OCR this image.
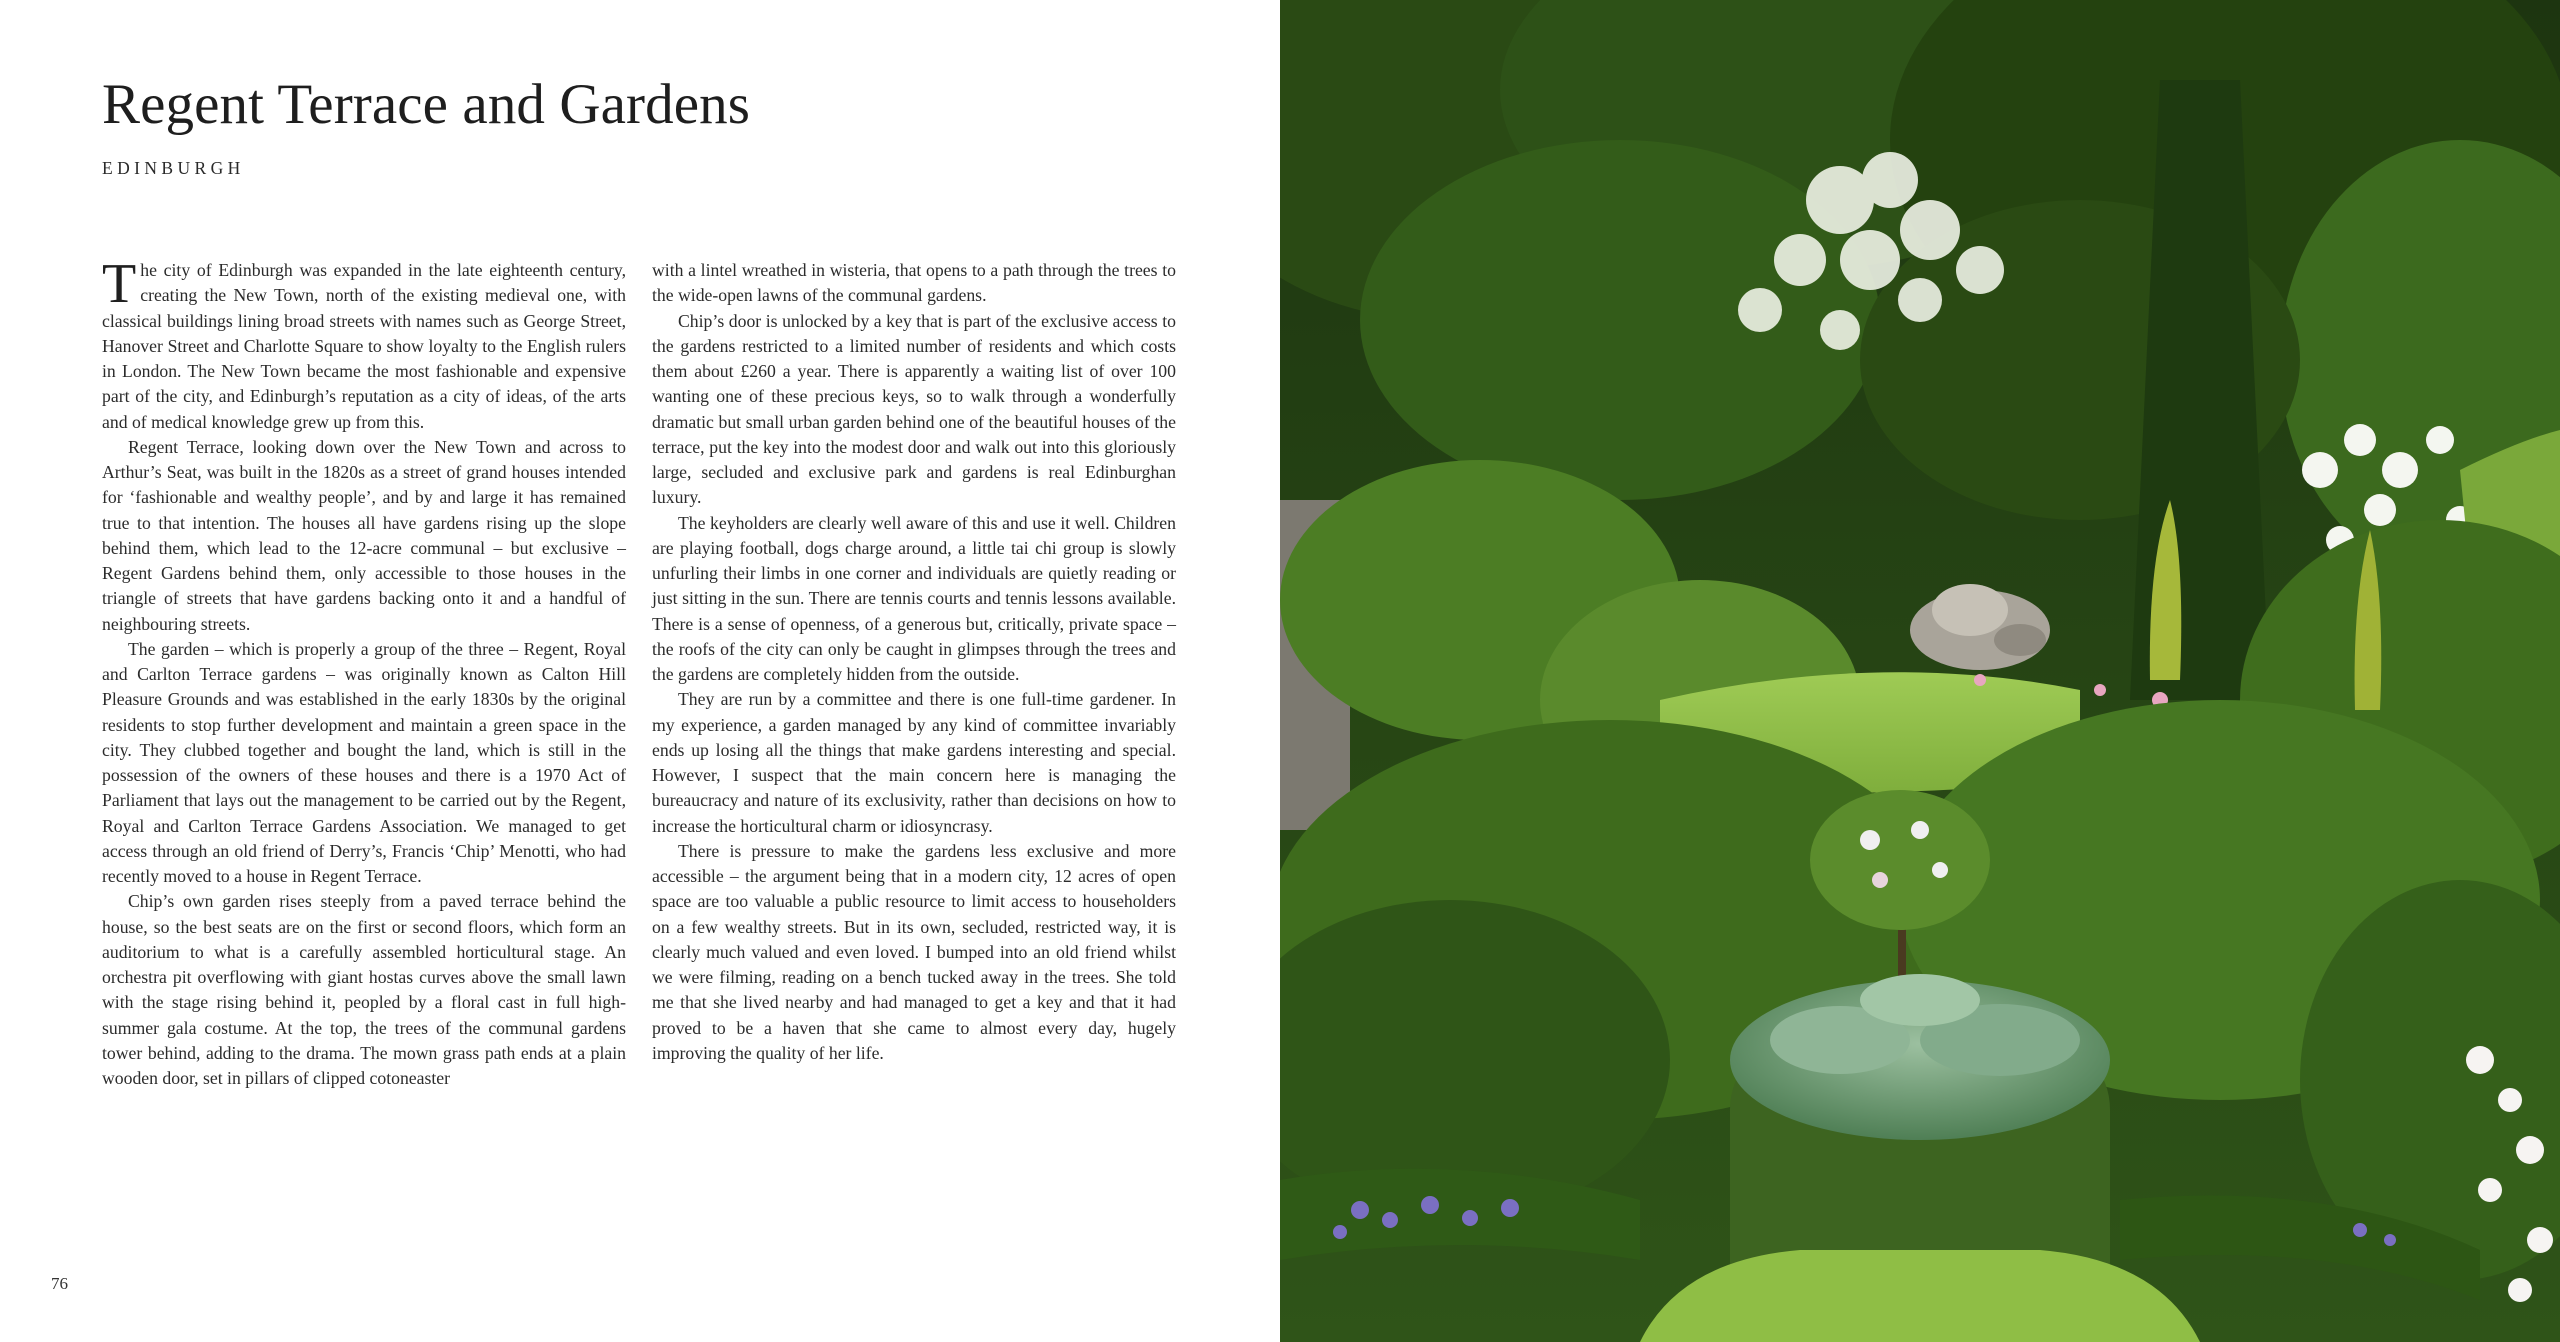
Regent Terrace and Gardens
EDINBURGH

The city of Edinburgh was expanded in the late eighteenth century, creating the New Town, north of the existing medieval one, with classical buildings lining broad streets with names such as George Street, Hanover Street and Charlotte Square to show loyalty to the English rulers in London. The New Town became the most fashionable and expensive part of the city, and Edinburgh’s reputation as a city of ideas, of the arts and of medical knowledge grew up from this.

Regent Terrace, looking down over the New Town and across to Arthur’s Seat, was built in the 1820s as a street of grand houses intended for ‘fashionable and wealthy people’, and by and large it has remained true to that intention. The houses all have gardens rising up the slope behind them, which lead to the 12-acre communal – but exclusive – Regent Gardens behind them, only accessible to those houses in the triangle of streets that have gardens backing onto it and a handful of neighbouring streets.

The garden – which is properly a group of the three – Regent, Royal and Carlton Terrace gardens – was originally known as Calton Hill Pleasure Grounds and was established in the early 1830s by the original residents to stop further development and maintain a green space in the city. They clubbed together and bought the land, which is still in the possession of the owners of these houses and there is a 1970 Act of Parliament that lays out the management to be carried out by the Regent, Royal and Carlton Terrace Gardens Association. We managed to get access through an old friend of Derry’s, Francis ‘Chip’ Menotti, who had recently moved to a house in Regent Terrace.

Chip’s own garden rises steeply from a paved terrace behind the house, so the best seats are on the first or second floors, which form an auditorium to what is a carefully assembled horticultural stage. An orchestra pit overflowing with giant hostas curves above the small lawn with the stage rising behind it, peopled by a floral cast in full high-summer gala costume. At the top, the trees of the communal gardens tower behind, adding to the drama. The mown grass path ends at a plain wooden door, set in pillars of clipped cotoneaster

with a lintel wreathed in wisteria, that opens to a path through the trees to the wide-open lawns of the communal gardens.

Chip’s door is unlocked by a key that is part of the exclusive access to the gardens restricted to a limited number of residents and which costs them about £260 a year. There is apparently a waiting list of over 100 wanting one of these precious keys, so to walk through a wonderfully dramatic but small urban garden behind one of the beautiful houses of the terrace, put the key into the modest door and walk out into this gloriously large, secluded and exclusive park and gardens is real Edinburghan luxury.

The keyholders are clearly well aware of this and use it well. Children are playing football, dogs charge around, a little tai chi group is slowly unfurling their limbs in one corner and individuals are quietly reading or just sitting in the sun. There are tennis courts and tennis lessons available. There is a sense of openness, of a generous but, critically, private space – the roofs of the city can only be caught in glimpses through the trees and the gardens are completely hidden from the outside.

They are run by a committee and there is one full-time gardener. In my experience, a garden managed by any kind of committee invariably ends up losing all the things that make gardens interesting and special. However, I suspect that the main concern here is managing the bureaucracy and nature of its exclusivity, rather than decisions on how to increase the horticultural charm or idiosyncrasy.

There is pressure to make the gardens less exclusive and more accessible – the argument being that in a modern city, 12 acres of open space are too valuable a public resource to limit access to householders on a few wealthy streets. But in its own, secluded, restricted way, it is clearly much valued and even loved. I bumped into an old friend whilst we were filming, reading on a bench tucked away in the trees. She told me that she lived nearby and had managed to get a key and that it had proved to be a haven that she came to almost every day, hugely improving the quality of her life.

76
